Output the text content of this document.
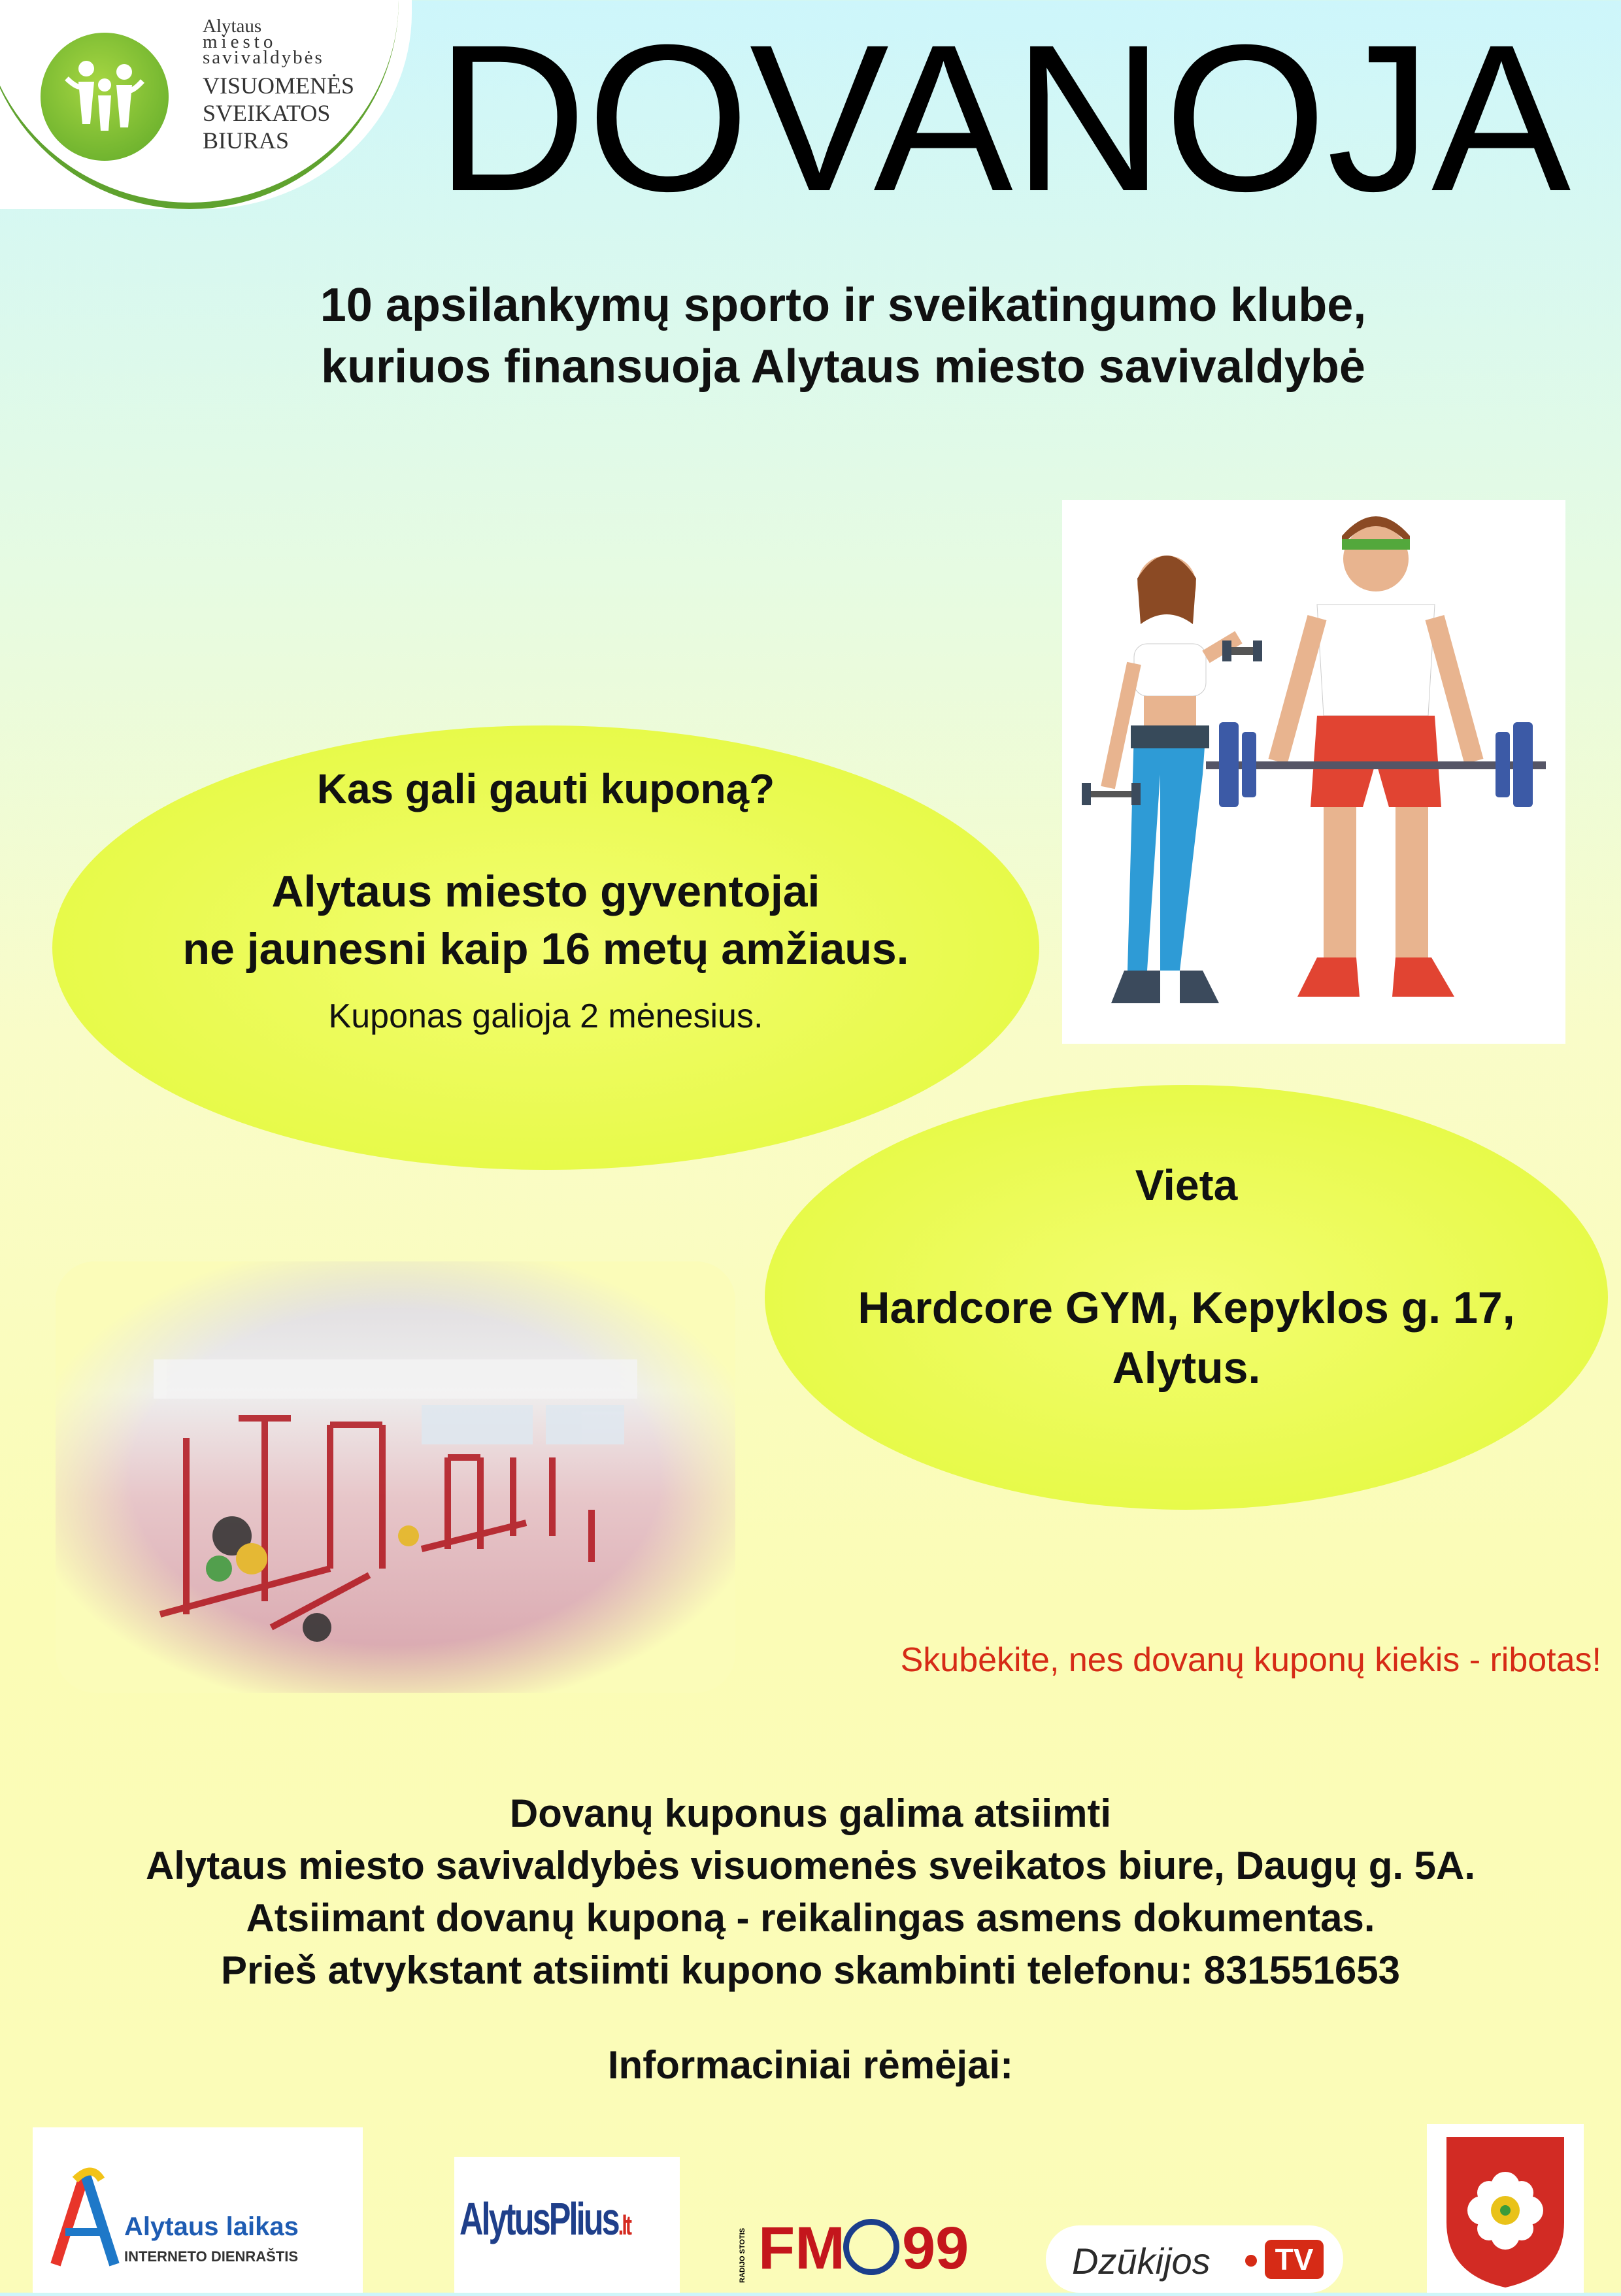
Alytaus
miesto
savivaldybės
VISUOMENĖS
SVEIKATOS
BIURAS DOVANOJA
10 apsilankymų sporto ir sveikatingumo klube,
kuriuos finansuoja Alytaus miesto savivaldybė
Kas gali gauti kuponą?
Alytaus miesto gyventojai
ne jaunesni kaip 16 metų amžiaus.
Kuponas galioja 2 mėnesius.
Vieta
Hardcore GYM, Kepyklos g. 17,
Alytus.
Skubėkite, nes dovanų kuponų kiekis - ribotas!
Dovanų kuponus galima atsiimti
Alytaus miesto savivaldybės visuomenės sveikatos biure, Daugų g. 5A.
Atsiimant dovanų kuponą - reikalingas asmens dokumentas.
Prieš atvykstant atsiimti kupono skambinti telefonu: 831551653
Informaciniai rėmėjai:
Alytaus laikas
INTERNETO DIENRAŠTIS
AlytusPlius.lt
RADIJO STOTIS FM 99	Dzūkijos	TV
